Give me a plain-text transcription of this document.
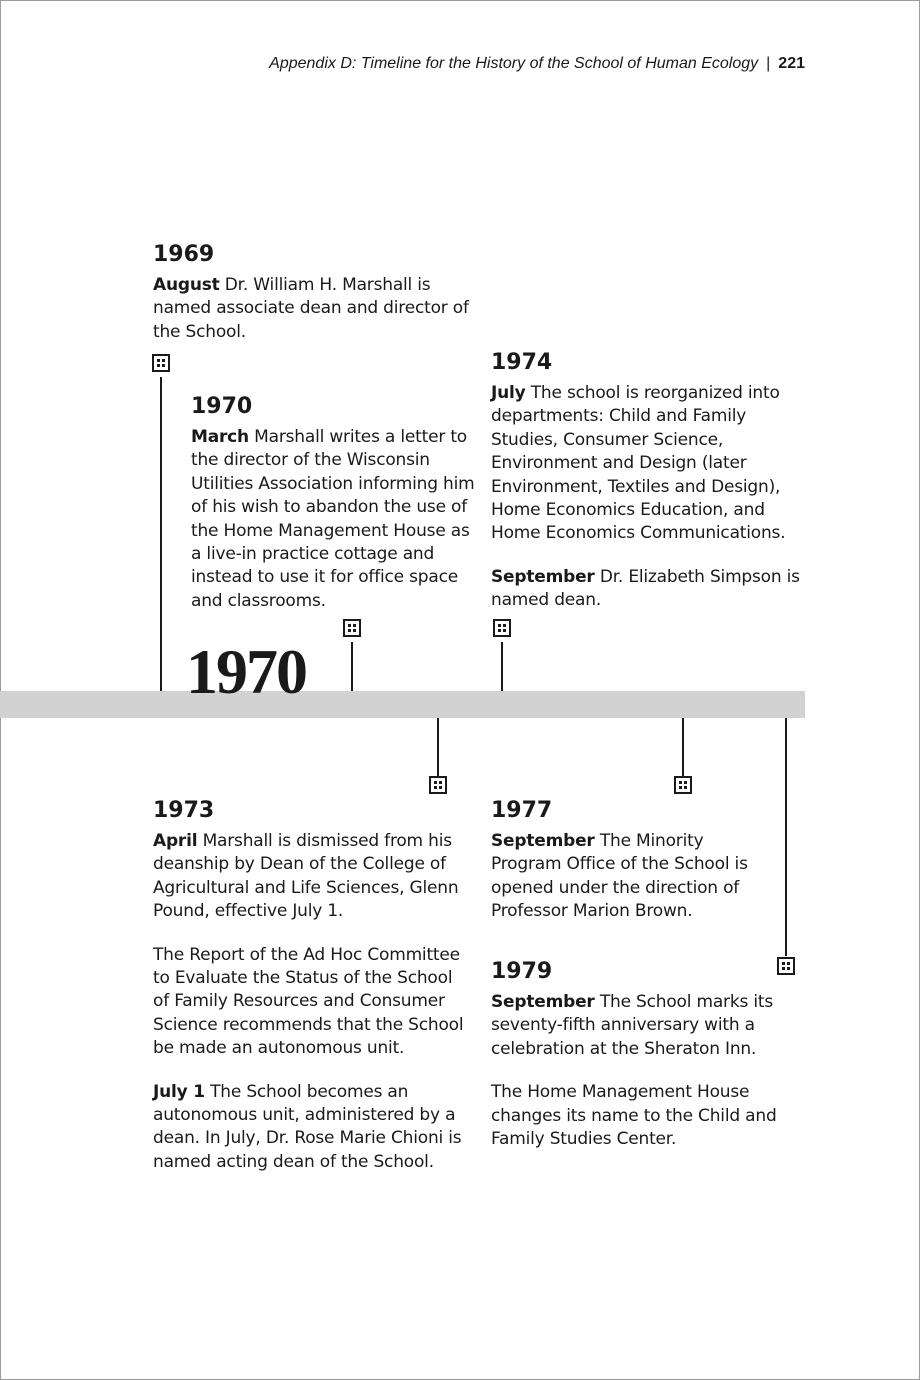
Appendix D: Timeline for the History of the School of Human Ecology | 221
1970
1969

August Dr. William H. Marshall is named associate dean and director of the School.

1970

March Marshall writes a letter to the director of the Wisconsin Utilities Association informing him of his wish to abandon the use of the Home Management House as a live-in practice cottage and instead to use it for office space and classrooms.

1974

July The school is reorganized into departments: Child and Family Studies, Consumer Science, Environment and Design (later Environment, Textiles and Design), Home Economics Education, and Home Economics Communications.

September Dr. Elizabeth Simpson is named dean.

1973

April Marshall is dismissed from his deanship by Dean of the College of Agricultural and Life Sciences, Glenn Pound, effective July 1.

The Report of the Ad Hoc Committee to Evaluate the Status of the School of Family Resources and Consumer Science recommends that the School be made an autonomous unit.

July 1 The School becomes an autonomous unit, administered by a dean. In July, Dr. Rose Marie Chioni is named acting dean of the School.

1977

September The Minority Program Office of the School is opened under the direction of Professor Marion Brown.

1979

September The School marks its seventy-fifth anniversary with a celebration at the Sheraton Inn.

The Home Management House changes its name to the Child and Family Studies Center.
